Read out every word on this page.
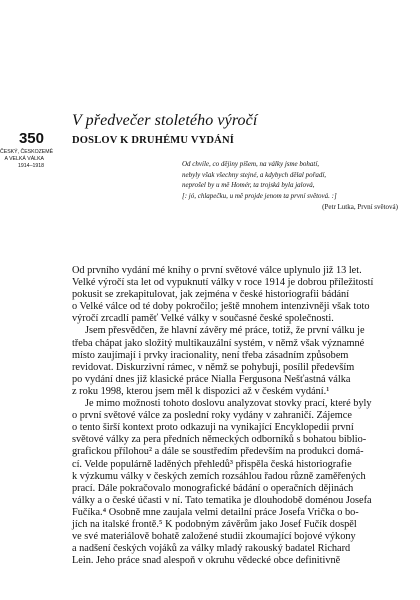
V předvečer stoletého výročí
350
ČESKÝ, ČESKOZEMĚ
A VELKÁ VÁLKA
1914–1918
DOSLOV K DRUHÉMU VYDÁNÍ
Od chvíle, co dějiny píšem, na války jsme bohatí,
nebyly však všechny stejné, a kdybych dělal pořadí,
neprošel by u mě Homér, ta trojská byla jalová,
[: jó, chlapečku, u mě projde jenom ta první světová. :]
(Petr Lutka, První světová)
Od prvního vydání mé knihy o první světové válce uplynulo již 13 let.
Velké výročí sta let od vypuknutí války v roce 1914 je dobrou příležitostí
pokusit se zrekapitulovat, jak zejména v české historiografii bádání
o Velké válce od té doby pokročilo; ještě mnohem intenzivněji však toto
výročí zrcadlí paměť Velké války v současné české společnosti.
Jsem přesvědčen, že hlavní závěry mé práce, totiž, že první válku je
třeba chápat jako složitý multikauzální systém, v němž však významné
místo zaujímají i prvky iracionality, není třeba zásadním způsobem
revidovat. Diskurzivní rámec, v němž se pohybuji, posílil především
po vydání dnes již klasické práce Nialla Fergusona Nešťastná válka
z roku 1998, kterou jsem měl k dispozici až v českém vydání.¹
Je mimo možnosti tohoto doslovu analyzovat stovky prací, které byly
o první světové válce za poslední roky vydány v zahraničí. Zájemce
o tento širší kontext proto odkazuji na vynikající Encyklopedii první
světové války za pera předních německých odborníků s bohatou biblio-
grafickou přílohou² a dále se soustředím především na produkci domá-
cí. Velde populárně laděných přehledů³ přispěla česká historiografie
k výzkumu války v českých zemích rozsáhlou řadou různě zaměřených
prací. Dále pokračovalo monografické bádání o operačních dějinách
války a o české účasti v ní. Tato tematika je dlouhodobě doménou Josefa
Fučíka.⁴ Osobně mne zaujala velmi detailní práce Josefa Vrička o bo-
jích na italské frontě.⁵ K podobným závěrům jako Josef Fučík dospěl
ve své materiálově bohatě založené studii zkoumající bojové výkony
a nadšení českých vojáků za války mladý rakouský badatel Richard
Lein. Jeho práce snad alespoň v okruhu vědecké obce definitivně
